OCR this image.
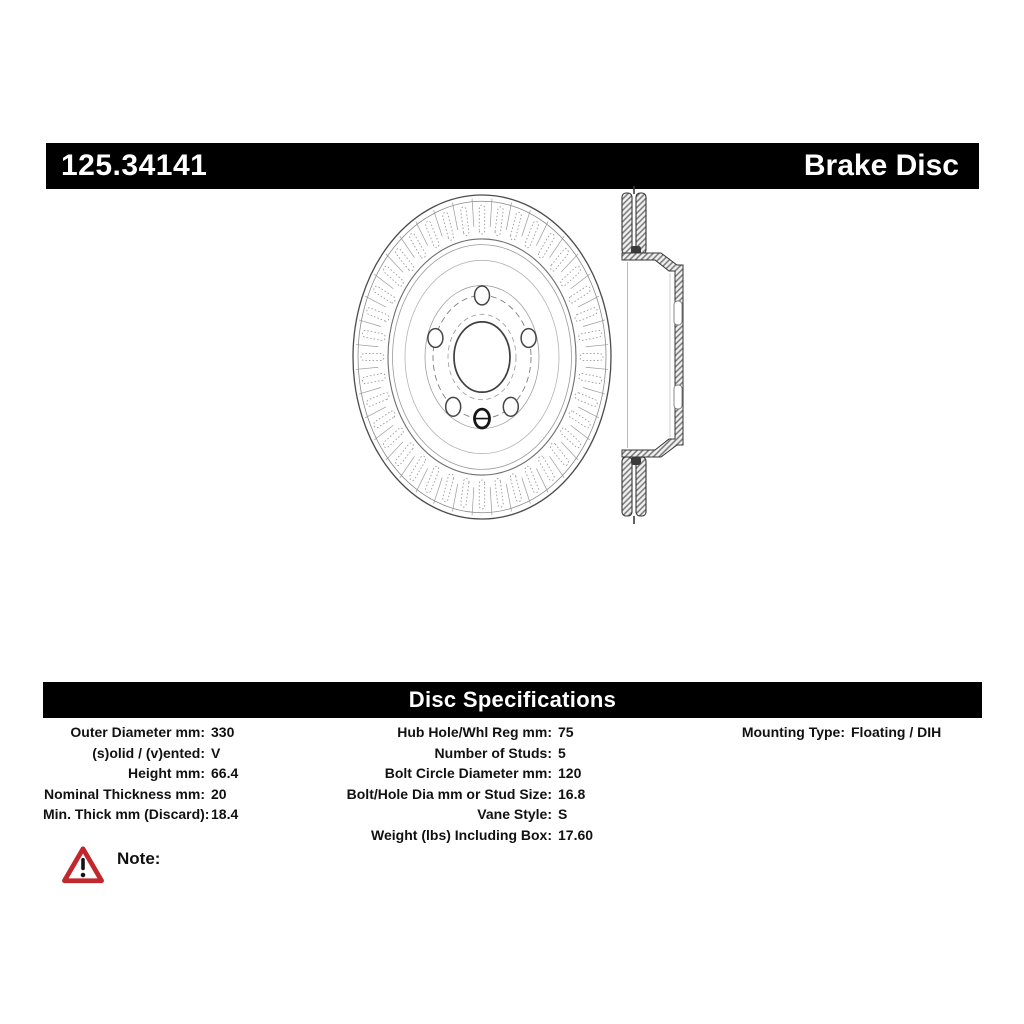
125.34141	Brake Disc
Disc Specifications
Outer Diameter mm: 330
(s)olid / (v)ented: V
Height mm: 66.4
Nominal Thickness mm: 20
Min. Thick mm (Discard): 18.4
Hub Hole/Whl Reg mm: 75
Number of Studs: 5
Bolt Circle Diameter mm: 120
Bolt/Hole Dia mm or Stud Size: 16.8
Vane Style: S
Weight (lbs) Including Box: 17.60
Mounting Type: Floating / DIH
Note:
